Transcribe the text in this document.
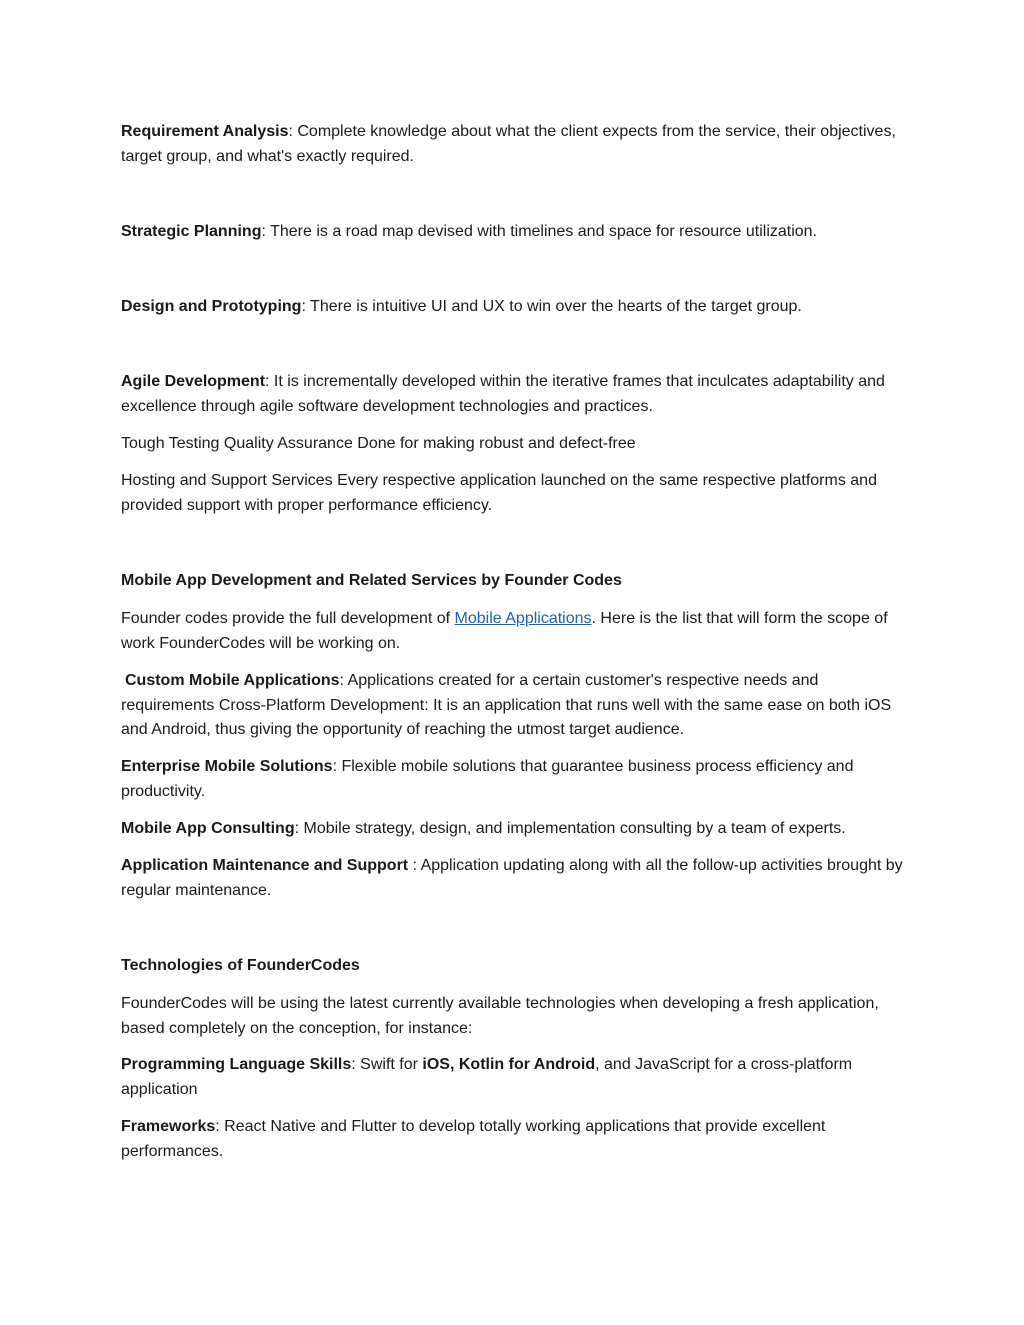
Requirement Analysis: Complete knowledge about what the client expects from the service, their objectives, target group, and what's exactly required.

Strategic Planning: There is a road map devised with timelines and space for resource utilization.

Design and Prototyping: There is intuitive UI and UX to win over the hearts of the target group.

Agile Development: It is incrementally developed within the iterative frames that inculcates adaptability and excellence through agile software development technologies and practices.

Tough Testing Quality Assurance Done for making robust and defect-free

Hosting and Support Services Every respective application launched on the same respective platforms and provided support with proper performance efficiency.

Mobile App Development and Related Services by Founder Codes

Founder codes provide the full development of Mobile Applications. Here is the list that will form the scope of work FounderCodes will be working on.

Custom Mobile Applications: Applications created for a certain customer's respective needs and requirements Cross-Platform Development: It is an application that runs well with the same ease on both iOS and Android, thus giving the opportunity of reaching the utmost target audience.

Enterprise Mobile Solutions: Flexible mobile solutions that guarantee business process efficiency and productivity.

Mobile App Consulting: Mobile strategy, design, and implementation consulting by a team of experts.

Application Maintenance and Support : Application updating along with all the follow-up activities brought by regular maintenance.

Technologies of FounderCodes

FounderCodes will be using the latest currently available technologies when developing a fresh application, based completely on the conception, for instance:

Programming Language Skills: Swift for iOS, Kotlin for Android, and JavaScript for a cross-platform application

Frameworks: React Native and Flutter to develop totally working applications that provide excellent performances.
